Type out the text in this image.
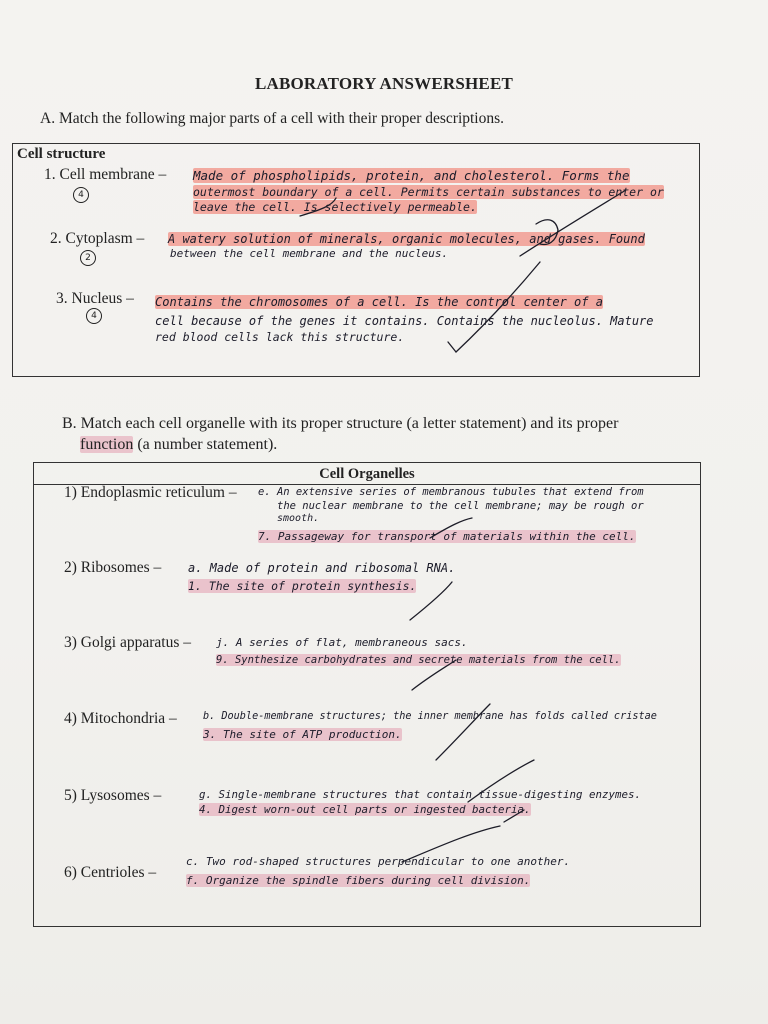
LABORATORY ANSWERSHEET
A. Match the following major parts of a cell with their proper descriptions.
Cell structure
1. Cell membrane –
4
Made of phospholipids, protein, and cholesterol. Forms the
outermost boundary of a cell. Permits certain substances to enter or
leave the cell. Is selectively permeable.
2. Cytoplasm –
2
A watery solution of minerals, organic molecules, and gases. Found
between the cell membrane and the nucleus.
3. Nucleus –
4
Contains the chromosomes of a cell. Is the control center of a
cell because of the genes it contains. Contains the nucleolus. Mature
red blood cells lack this structure.
B. Match each cell organelle with its proper structure (a letter statement) and its proper
function (a number statement).
Cell Organelles
1) Endoplasmic reticulum – e. An extensive series of membranous tubules that extend from
the nuclear membrane to the cell membrane; may be rough or
smooth.
7. Passageway for transport of materials within the cell.
2) Ribosomes – a. Made of protein and ribosomal RNA.
1. The site of protein synthesis.
3) Golgi apparatus – j. A series of flat, membraneous sacs.
9. Synthesize carbohydrates and secrete materials from the cell.
4) Mitochondria –	b. Double-membrane structures; the inner membrane has folds called cristae
3. The site of ATP production.
5) Lysosomes –	g. Single-membrane structures that contain tissue-digesting enzymes.
4. Digest worn-out cell parts or ingested bacteria.
6) Centrioles –
c. Two rod-shaped structures perpendicular to one another.
f. Organize the spindle fibers during cell division.
